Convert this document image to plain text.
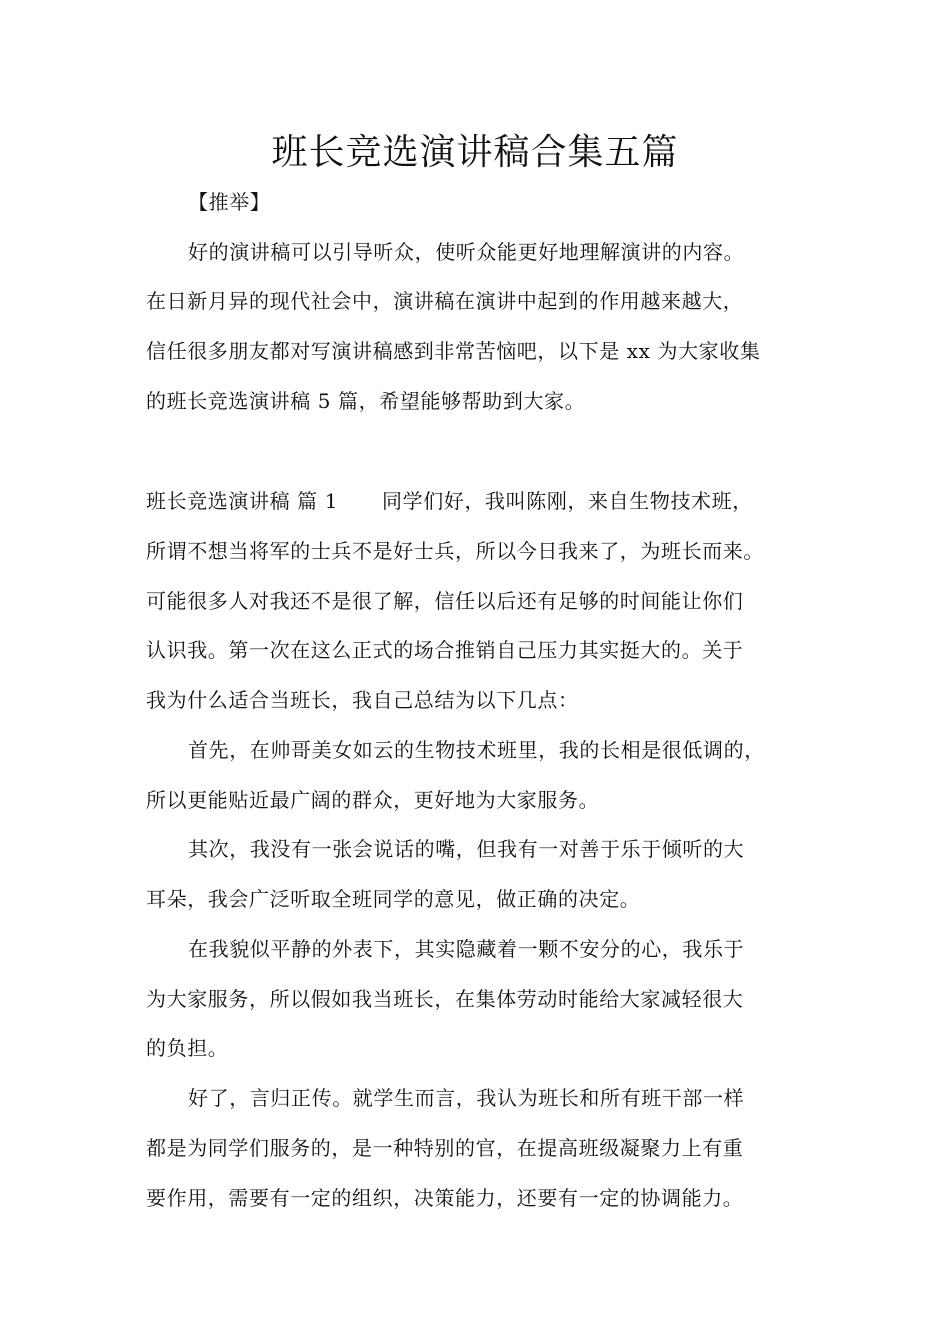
班长竞选演讲稿合集五篇
【推举】
好的演讲稿可以引导听众，使听众能更好地理解演讲的内容。
在日新月异的现代社会中，演讲稿在演讲中起到的作用越来越大，
信任很多朋友都对写演讲稿感到非常苦恼吧，以下是 xx 为大家收集
的班长竞选演讲稿 5 篇，希望能够帮助到大家。
班长竞选演讲稿 篇 1 同学们好，我叫陈刚，来自生物技术班，
所谓不想当将军的士兵不是好士兵，所以今日我来了，为班长而来。
可能很多人对我还不是很了解，信任以后还有足够的时间能让你们
认识我。第一次在这么正式的场合推销自己压力其实挺大的。关于
我为什么适合当班长，我自己总结为以下几点：
首先，在帅哥美女如云的生物技术班里，我的长相是很低调的，
所以更能贴近最广阔的群众，更好地为大家服务。
其次，我没有一张会说话的嘴，但我有一对善于乐于倾听的大
耳朵，我会广泛听取全班同学的意见，做正确的决定。
在我貌似平静的外表下，其实隐藏着一颗不安分的心，我乐于
为大家服务，所以假如我当班长，在集体劳动时能给大家减轻很大
的负担。
好了，言归正传。就学生而言，我认为班长和所有班干部一样
都是为同学们服务的，是一种特别的官，在提高班级凝聚力上有重
要作用，需要有一定的组织，决策能力，还要有一定的协调能力。
